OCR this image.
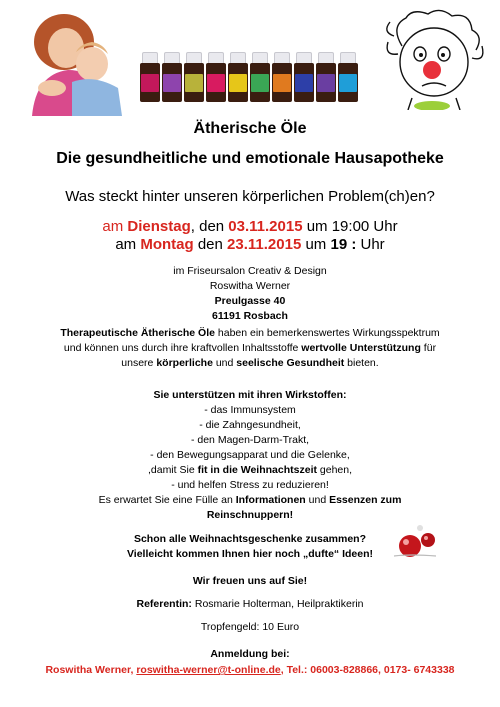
Ätherische Öle
Die gesundheitliche und emotionale Hausapotheke
Was steckt hinter unseren körperlichen Problem(ch)en?
am Dienstag, den 03.11.2015 um 19:00 Uhr
am Montag den 23.11.2015 um 19 : Uhr
im Friseursalon Creativ & Design
Roswitha Werner
Preulgasse 40
61191 Rosbach
Therapeutische Ätherische Öle haben ein bemerkenswertes Wirkungsspektrum
und können uns durch ihre kraftvollen Inhaltsstoffe wertvolle Unterstützung für
unsere körperliche und seelische Gesundheit bieten.
Sie unterstützen mit ihren Wirkstoffen:
- das Immunsystem
- die Zahngesundheit,
- den Magen-Darm-Trakt,
- den Bewegungsapparat und die Gelenke,
,damit Sie fit in die Weihnachtszeit gehen,
- und helfen Stress zu reduzieren!
Es erwartet Sie eine Fülle an Informationen und Essenzen zum
Reinschnuppern!
Schon alle Weihnachtsgeschenke zusammen?
Vielleicht kommen Ihnen hier noch „dufte“ Ideen!
Wir freuen uns auf Sie!
Referentin: Rosmarie Holterman, Heilpraktikerin
Tropfengeld: 10 Euro
Anmeldung bei:
Roswitha Werner, roswitha-werner@t-online.de, Tel.: 06003-828866, 0173- 6743338
